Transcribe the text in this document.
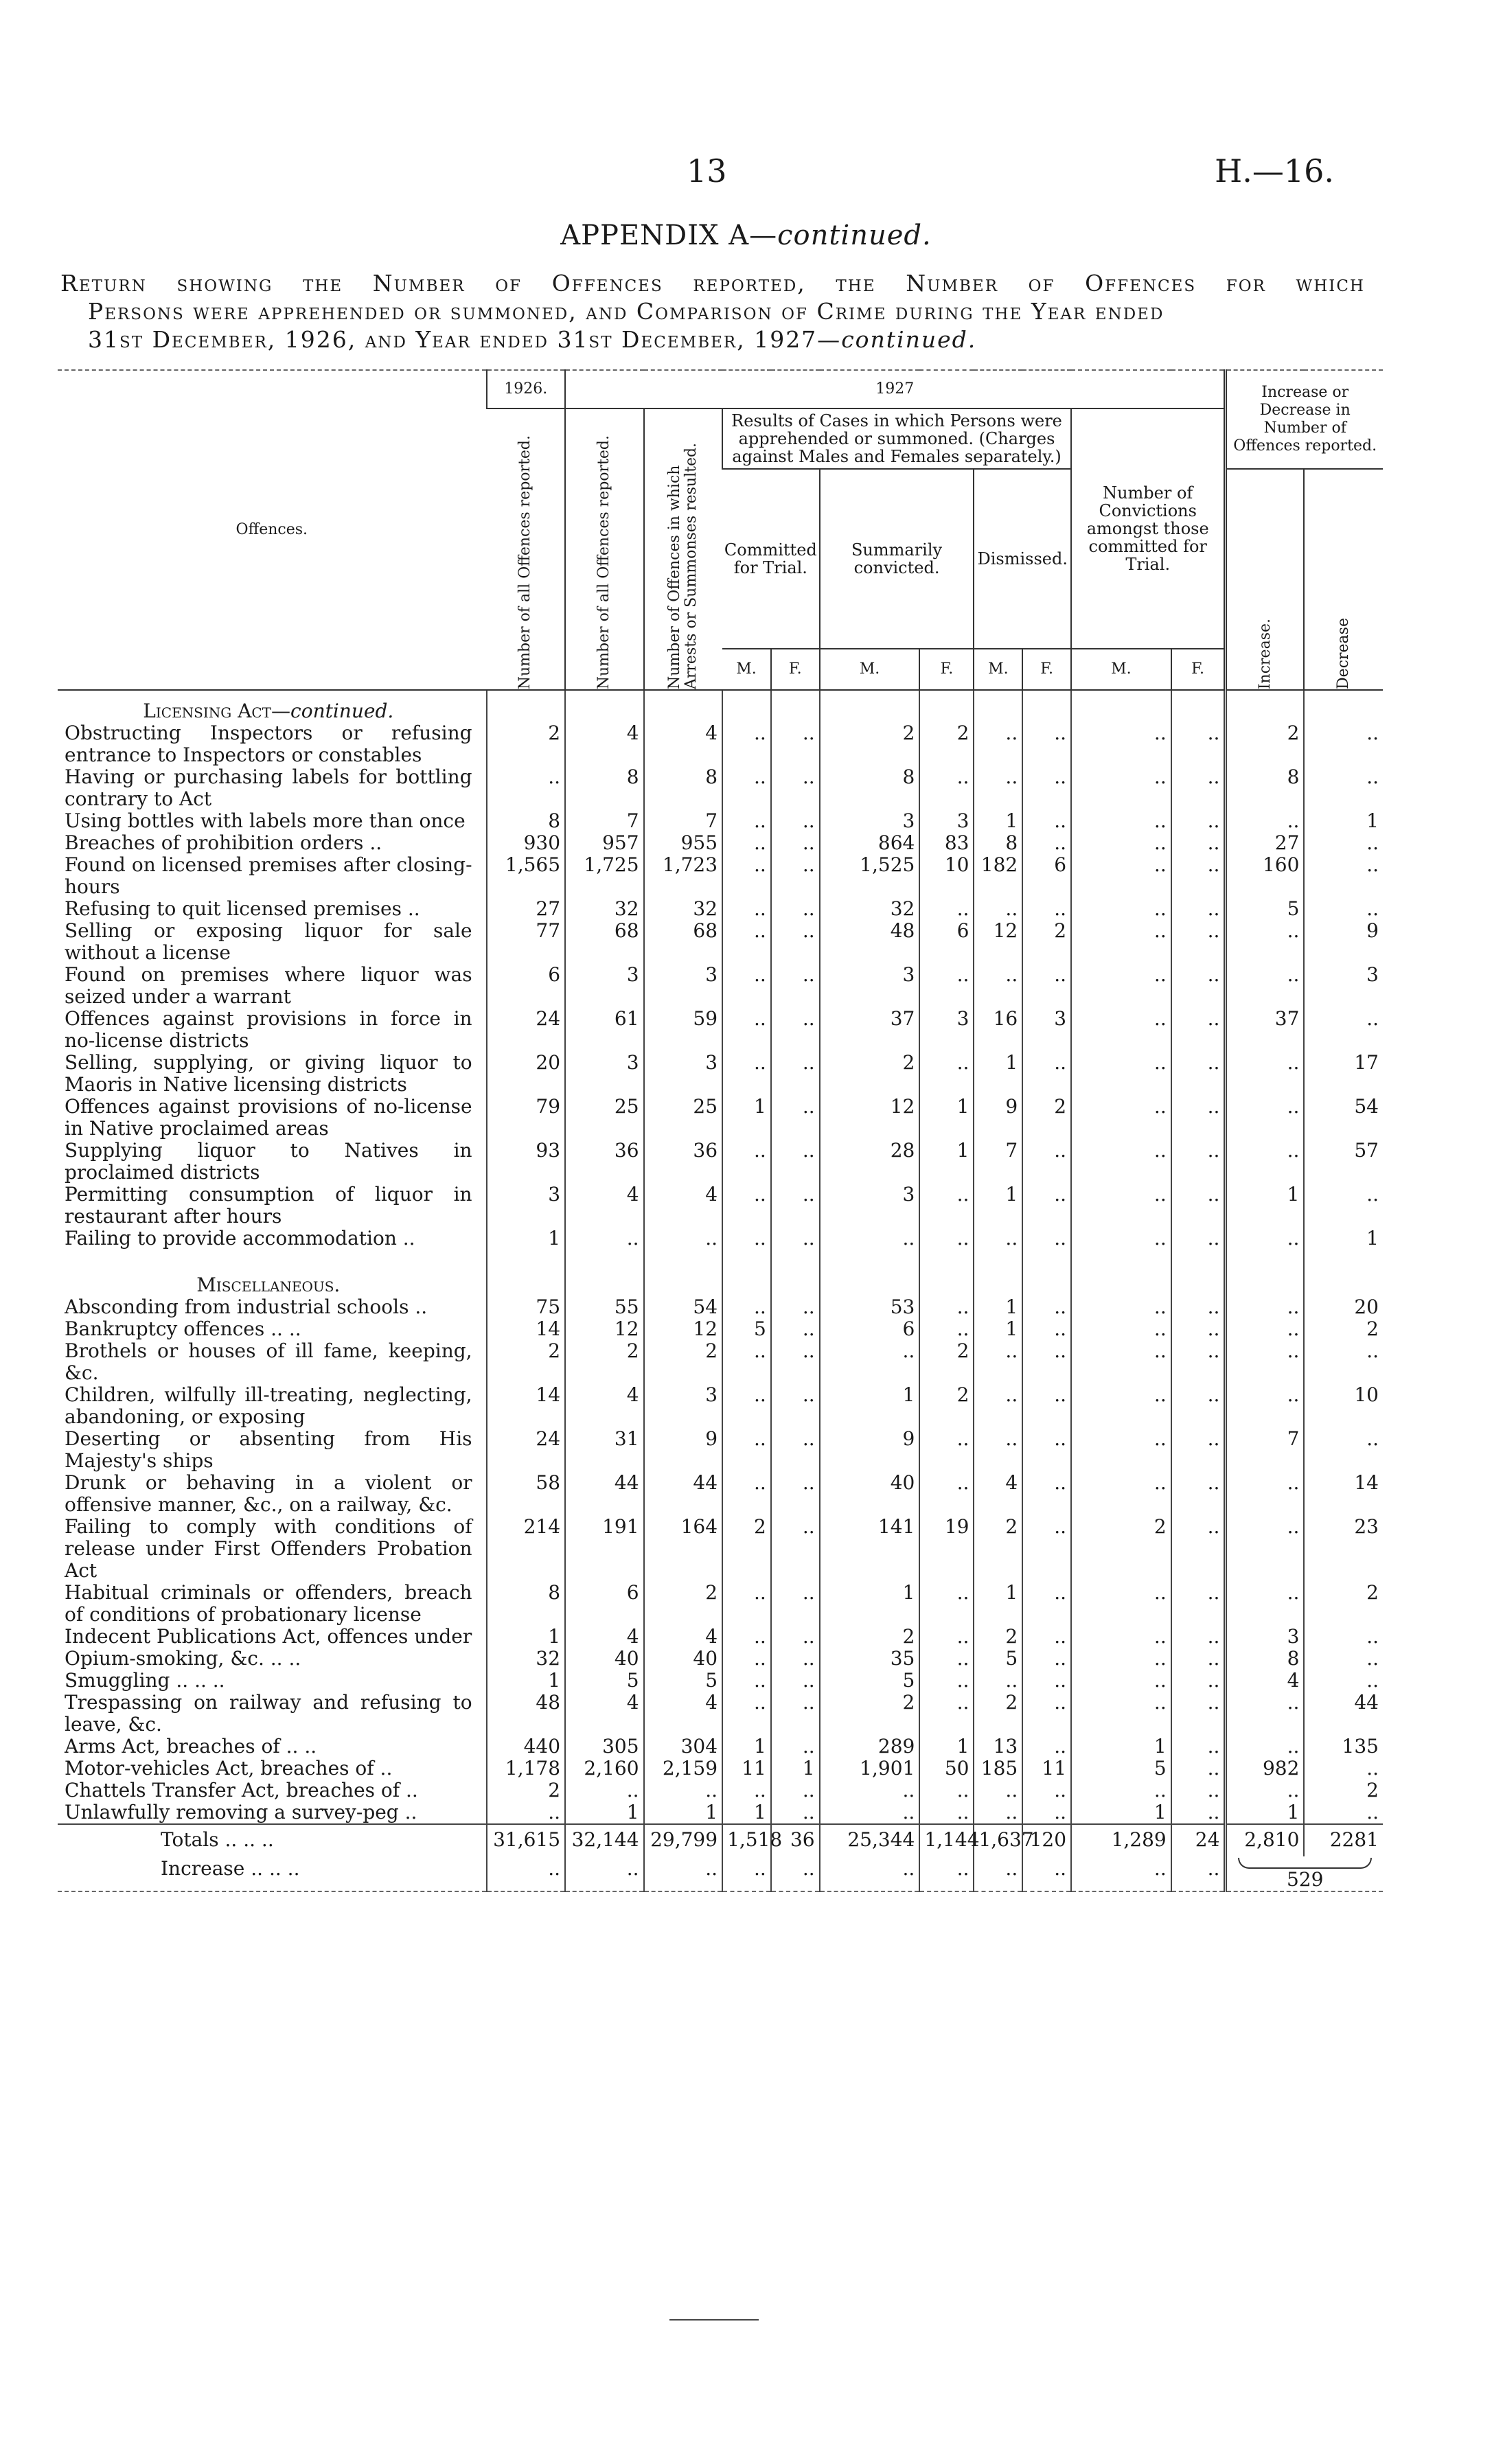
13	H.—16.
APPENDIX A—continued.
Return showing the Number of Offences reported, the Number of Offences for which
Persons were apprehended or summoned, and Comparison of Crime during the Year ended
31st December, 1926, and Year ended 31st December, 1927—continued.
Offences.	1926.	1927										Increase or Decrease in Number of Offences reported.	

	Number of all Offences reported.	Number of all Offences reported.	Number of Offences in which Arrests or Summonses resulted.	Results of Cases in which Persons were apprehended or summoned. (Charges against Males and Females separately.)						Number of Convictions amongst those committed for Trial.			
				Committed for Trial.		Summarily convicted.		Dismissed.				Increase.	Decrease

				M.	F.	M.	F.	M.	F.	M.	F.		
Licensing Act—continued.													
Obstructing Inspectors or refusing entrance to Inspectors or constables	2	4	4	..	..	2	2	..	..	..	..	2	..
Having or purchasing labels for bottling contrary to Act	..	8	8	..	..	8	..	..	..	..	..	8	..
Using bottles with labels more than once	8	7	7	..	..	3	3	1	..	..	..	..	1
Breaches of prohibition orders ..	930	957	955	..	..	864	83	8	..	..	..	27	..
Found on licensed premises after closing-hours	1,565	1,725	1,723	..	..	1,525	10	182	6	..	..	160	..
Refusing to quit licensed premises ..	27	32	32	..	..	32	..	..	..	..	..	5	..
Selling or exposing liquor for sale without a license	77	68	68	..	..	48	6	12	2	..	..	..	9
Found on premises where liquor was seized under a warrant	6	3	3	..	..	3	..	..	..	..	..	..	3
Offences against provisions in force in no-license districts	24	61	59	..	..	37	3	16	3	..	..	37	..
Selling, supplying, or giving liquor to Maoris in Native licensing districts	20	3	3	..	..	2	..	1	..	..	..	..	17
Offences against provisions of no-license in Native proclaimed areas	79	25	25	1	..	12	1	9	2	..	..	..	54
Supplying liquor to Natives in proclaimed districts	93	36	36	..	..	28	1	7	..	..	..	..	57
Permitting consumption of liquor in restaurant after hours	3	4	4	..	..	3	..	1	..	..	..	1	..
Failing to provide accommodation ..	1	..	..	..	..	..	..	..	..	..	..	..	1

Miscellaneous.													
Absconding from industrial schools ..	75	55	54	..	..	53	..	1	..	..	..	..	20
Bankruptcy offences .. ..	14	12	12	5	..	6	..	1	..	..	..	..	2
Brothels or houses of ill fame, keeping, &c.	2	2	2	..	..	..	2	..	..	..	..	..	..
Children, wilfully ill-treating, neglecting, abandoning, or exposing	14	4	3	..	..	1	2	..	..	..	..	..	10
Deserting or absenting from His Majesty's ships	24	31	9	..	..	9	..	..	..	..	..	7	..
Drunk or behaving in a violent or offensive manner, &c., on a railway, &c.	58	44	44	..	..	40	..	4	..	..	..	..	14
Failing to comply with conditions of release under First Offenders Probation Act	214	191	164	2	..	141	19	2	..	2	..	..	23
Habitual criminals or offenders, breach of conditions of probationary license	8	6	2	..	..	1	..	1	..	..	..	..	2
Indecent Publications Act, offences under	1	4	4	..	..	2	..	2	..	..	..	3	..
Opium-smoking, &c. .. ..	32	40	40	..	..	35	..	5	..	..	..	8	..
Smuggling .. .. ..	1	5	5	..	..	5	..	..	..	..	..	4	..
Trespassing on railway and refusing to leave, &c.	48	4	4	..	..	2	..	2	..	..	..	..	44
Arms Act, breaches of .. ..	440	305	304	1	..	289	1	13	..	1	..	..	135
Motor-vehicles Act, breaches of ..	1,178	2,160	2,159	11	1	1,901	50	185	11	5	..	982	..
Chattels Transfer Act, breaches of ..	2	..	..	..	..	..	..	..	..	..	..	..	2
Unlawfully removing a survey-peg ..	..	1	1	1	..	..	..	..	..	1	..	1	..
Totals .. .. ..	31,615	32,144	29,799	1,518	36	25,344	1,144	1,637	120	1,289	24	2,810	2281
Increase .. .. ..	..	..	..	..	..	..	..	..	..	..	..	529	
